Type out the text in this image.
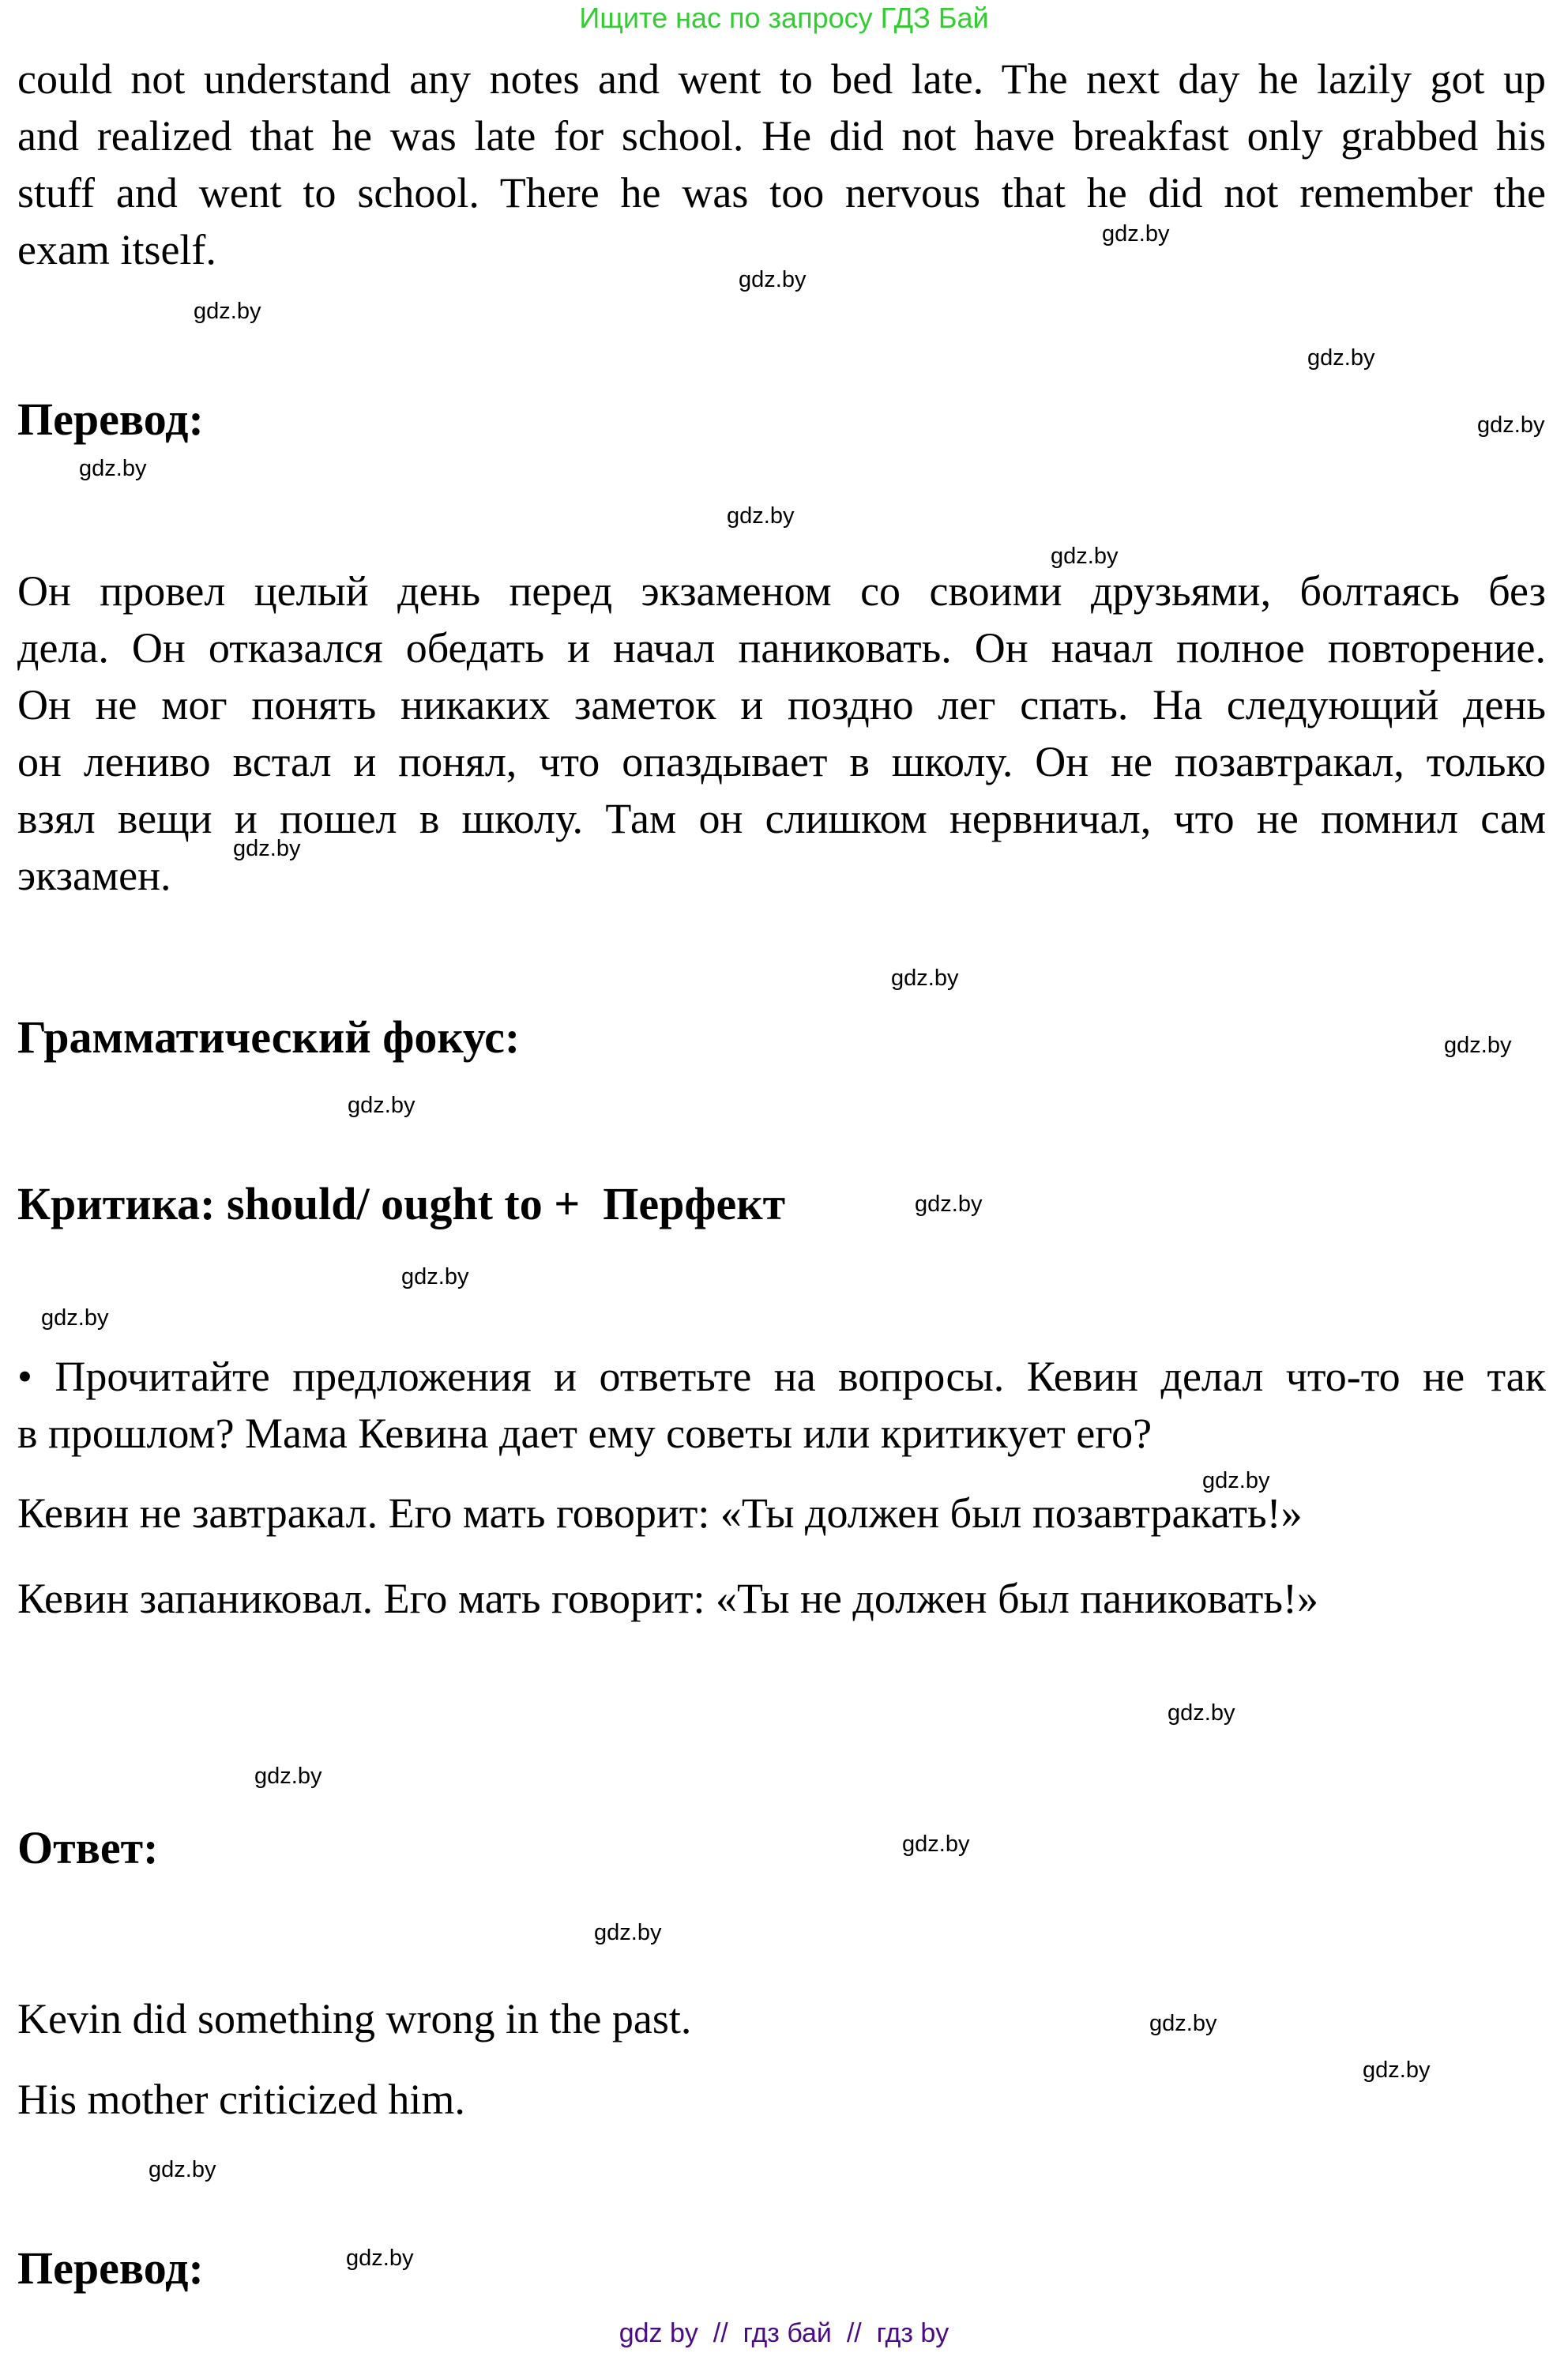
Ищите нас по запросу ГДЗ Бай
could not understand any notes and went to bed late. The next day he lazily got up
and realized that he was late for school. He did not have breakfast only grabbed his
stuff and went to school. There he was too nervous that he did not remember the
exam itself.
Перевод:
Он провел целый день перед экзаменом со своими друзьями, болтаясь без
дела. Он отказался обедать и начал паниковать. Он начал полное повторение.
Он не мог понять никаких заметок и поздно лег спать. На следующий день
он лениво встал и понял, что опаздывает в школу. Он не позавтракал, только
взял вещи и пошел в школу. Там он слишком нервничал, что не помнил сам
экзамен.
Грамматический фокус:
Критика: should/ ought to +  Перфект
• Прочитайте предложения и ответьте на вопросы. Кевин делал что-то не так
в прошлом? Мама Кевина дает ему советы или критикует его?
Кевин не завтракал. Его мать говорит: «Ты должен был позавтракать!»
Кевин запаниковал. Его мать говорит: «Ты не должен был паниковать!»
Ответ:
Kevin did something wrong in the past.
His mother criticized him.
Перевод:
gdz.by
gdz.by
gdz.by
gdz.by
gdz.by
gdz.by
gdz.by
gdz.by
gdz.by
gdz.by
gdz.by
gdz.by
gdz.by
gdz.by
gdz.by
gdz.by
gdz.by
gdz.by
gdz.by
gdz.by
gdz.by
gdz.by
gdz.by
gdz.by
gdz by  //  гдз бай  //  гдз by
